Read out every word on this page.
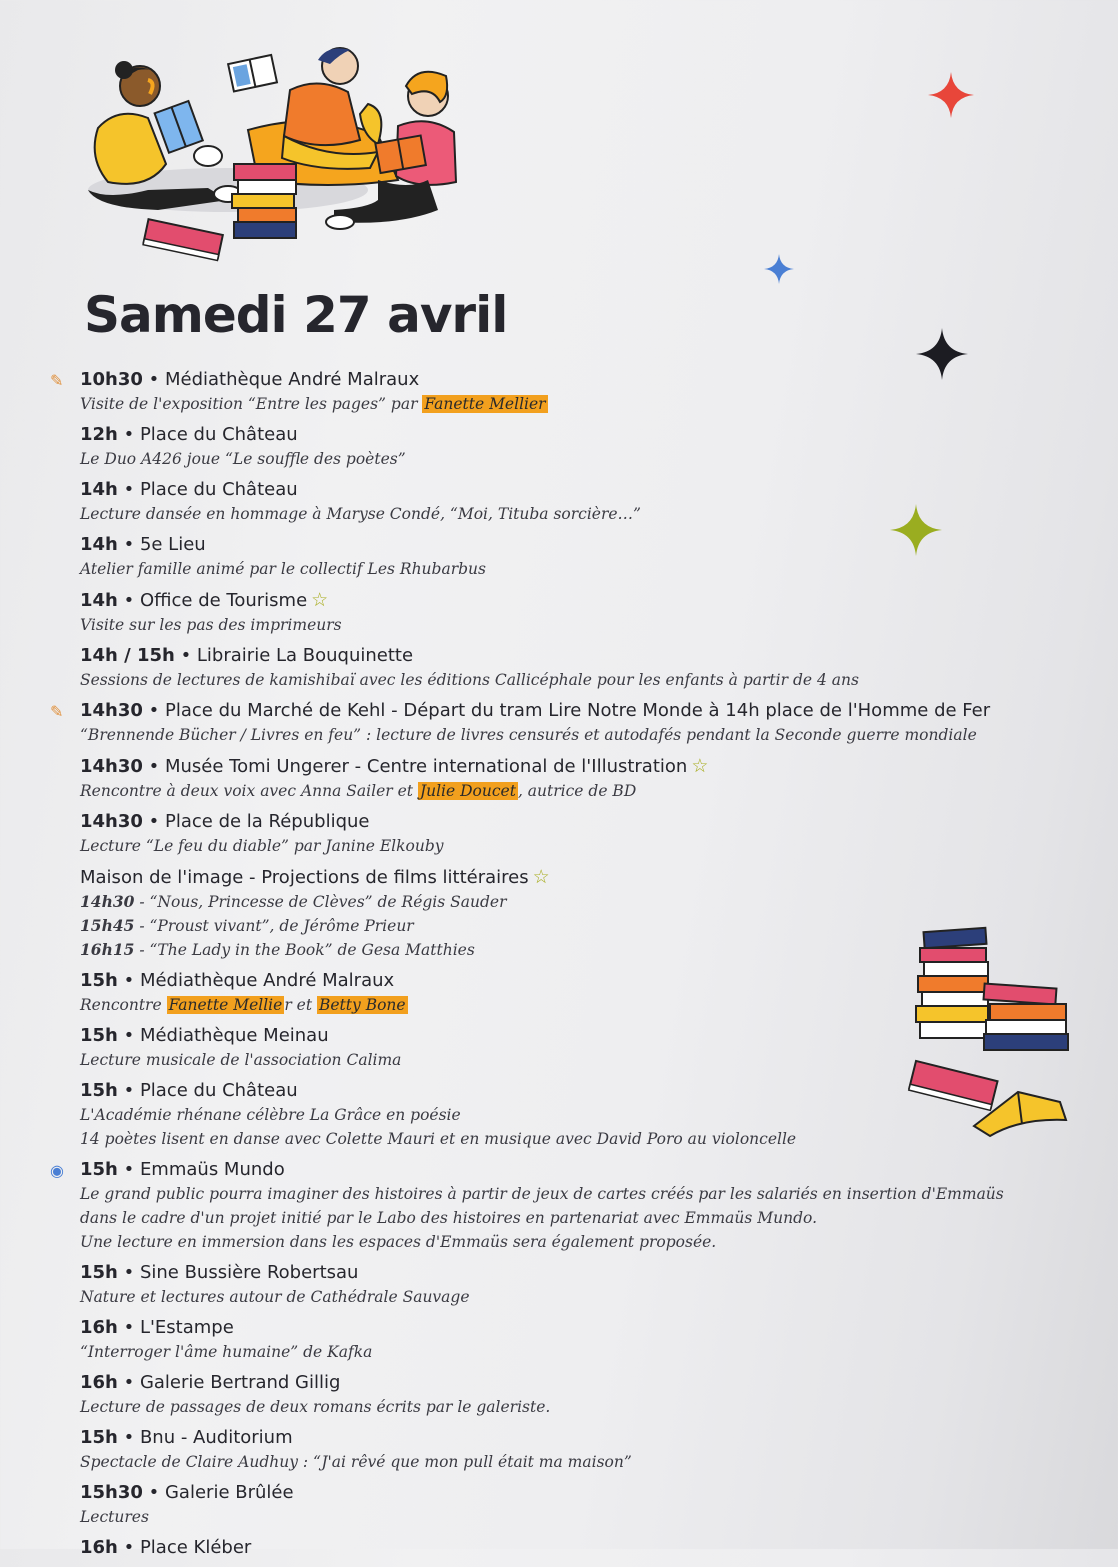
Samedi 27 avril
✎ 10h30 • Médiathèque André Malraux
Visite de l'exposition “Entre les pages” par Fanette Mellier
12h • Place du Château
Le Duo A426 joue “Le souffle des poètes”
14h • Place du Château
Lecture dansée en hommage à Maryse Condé, “Moi, Tituba sorcière…”
14h • 5e Lieu
Atelier famille animé par le collectif Les Rhubarbus
14h • Office de Tourisme ☆
Visite sur les pas des imprimeurs
14h / 15h • Librairie La Bouquinette
Sessions de lectures de kamishibaï avec les éditions Callicéphale pour les enfants à partir de 4 ans
✎ 14h30 • Place du Marché de Kehl - Départ du tram Lire Notre Monde à 14h place de l'Homme de Fer
“Brennende Bücher / Livres en feu” : lecture de livres censurés et autodafés pendant la Seconde guerre mondiale
14h30 • Musée Tomi Ungerer - Centre international de l'Illustration ☆
Rencontre à deux voix avec Anna Sailer et Julie Doucet , autrice de BD
14h30 • Place de la République
Lecture “Le feu du diable” par Janine Elkouby
Maison de l'image - Projections de films littéraires ☆
14h30 - “Nous, Princesse de Clèves” de Régis Sauder
15h45 - “Proust vivant”, de Jérôme Prieur
16h15 - “The Lady in the Book” de Gesa Matthies
15h • Médiathèque André Malraux
Rencontre Fanette Mellie r et Betty Bone
15h • Médiathèque Meinau
Lecture musicale de l'association Calima
15h • Place du Château
L'Académie rhénane célèbre La Grâce en poésie
14 poètes lisent en danse avec Colette Mauri et en musique avec David Poro au violoncelle
◉ 15h • Emmaüs Mundo
Le grand public pourra imaginer des histoires à partir de jeux de cartes créés par les salariés en insertion d'Emmaüs
dans le cadre d'un projet initié par le Labo des histoires en partenariat avec Emmaüs Mundo.
Une lecture en immersion dans les espaces d'Emmaüs sera également proposée.
15h • Sine Bussière Robertsau
Nature et lectures autour de Cathédrale Sauvage
16h • L'Estampe
“Interroger l'âme humaine” de Kafka
16h • Galerie Bertrand Gillig
Lecture de passages de deux romans écrits par le galeriste.
15h • Bnu - Auditorium
Spectacle de Claire Audhuy : “J'ai rêvé que mon pull était ma maison”
15h30 • Galerie Brûlée
Lectures
16h • Place Kléber
